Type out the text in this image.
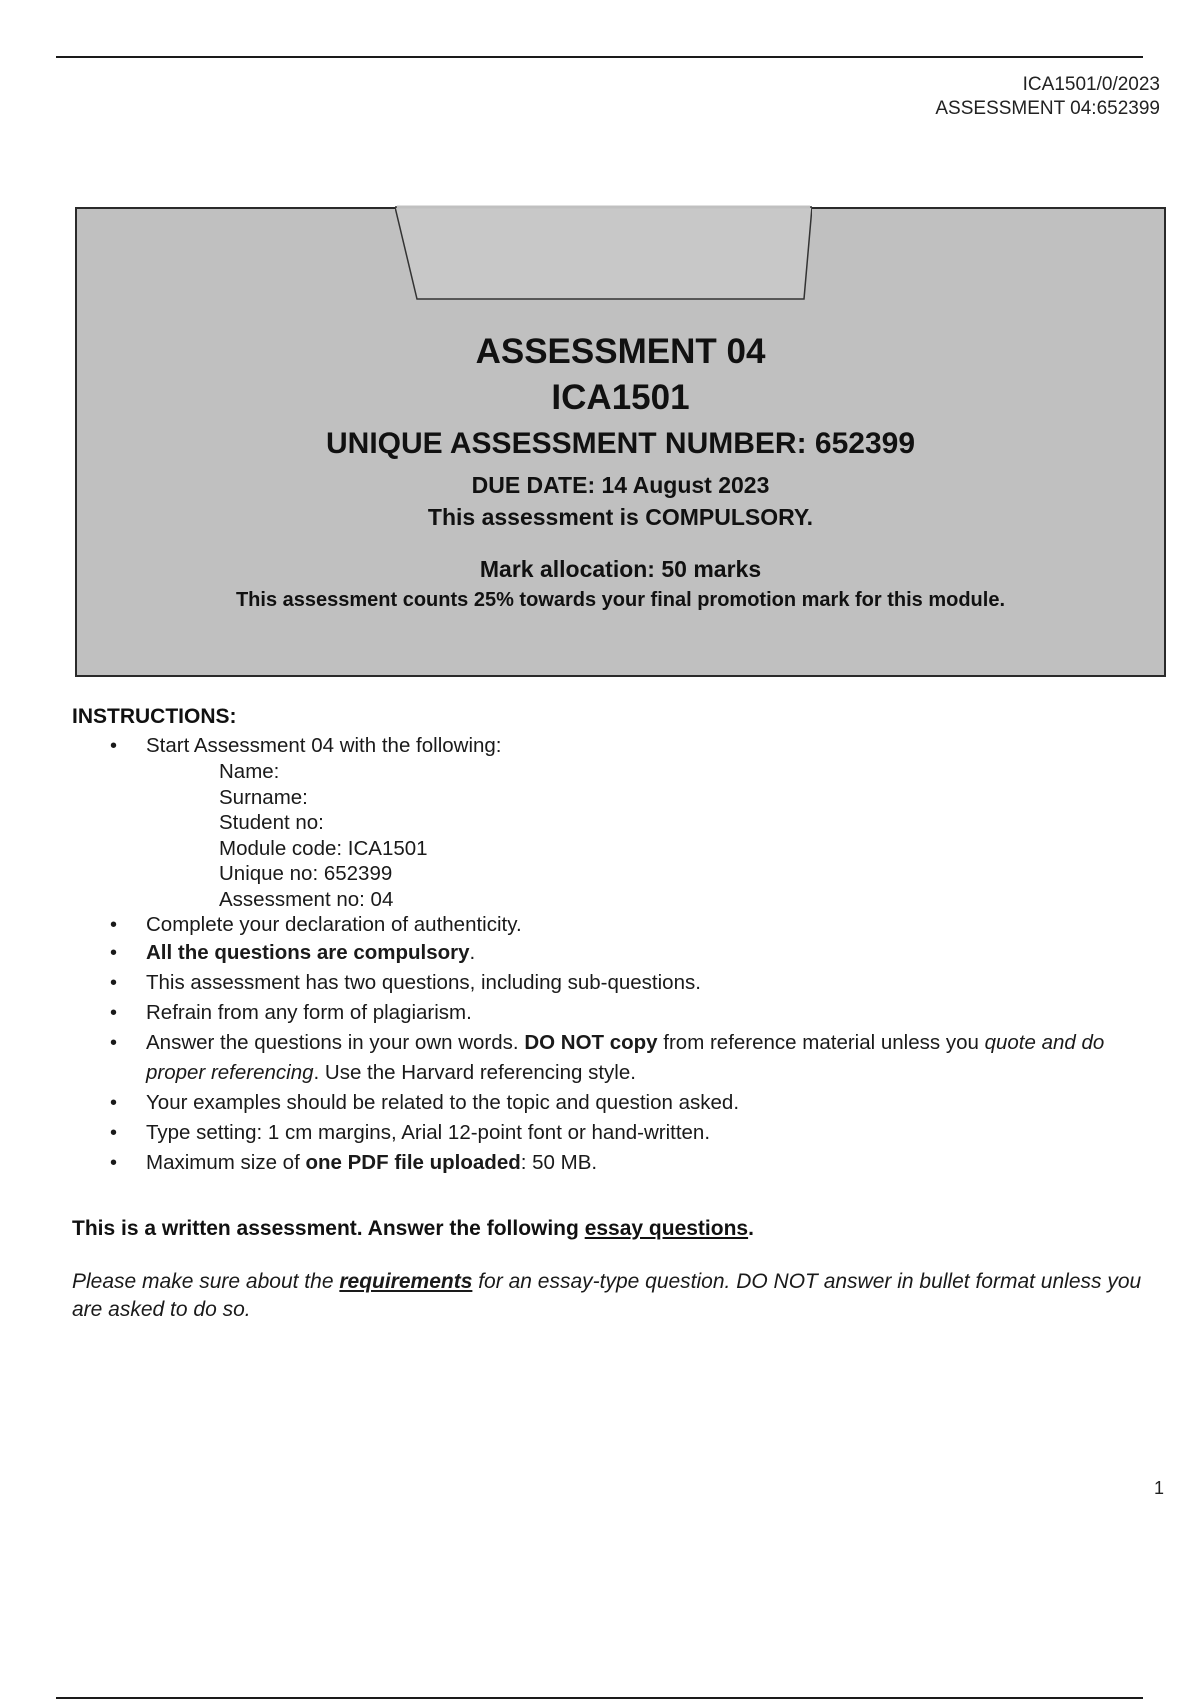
ICA1501/0/2023
ASSESSMENT 04:652399
ASSESSMENT 04
ICA1501
UNIQUE ASSESSMENT NUMBER: 652399
DUE DATE: 14 August 2023
This assessment is COMPULSORY.
Mark allocation: 50 marks
This assessment counts 25% towards your final promotion mark for this module.
INSTRUCTIONS:
• Start Assessment 04 with the following:
Name:
Surname:
Student no:
Module code: ICA1501
Unique no: 652399
Assessment no: 04
• Complete your declaration of authenticity.
• All the questions are compulsory.
• This assessment has two questions, including sub-questions.
• Refrain from any form of plagiarism.
• Answer the questions in your own words. DO NOT copy from reference material unless you quote and do proper referencing. Use the Harvard referencing style.
• Your examples should be related to the topic and question asked.
• Type setting: 1 cm margins, Arial 12-point font or hand-written.
• Maximum size of one PDF file uploaded: 50 MB.
This is a written assessment. Answer the following essay questions.
Please make sure about the requirements for an essay-type question. DO NOT answer in bullet format unless you are asked to do so.
1
